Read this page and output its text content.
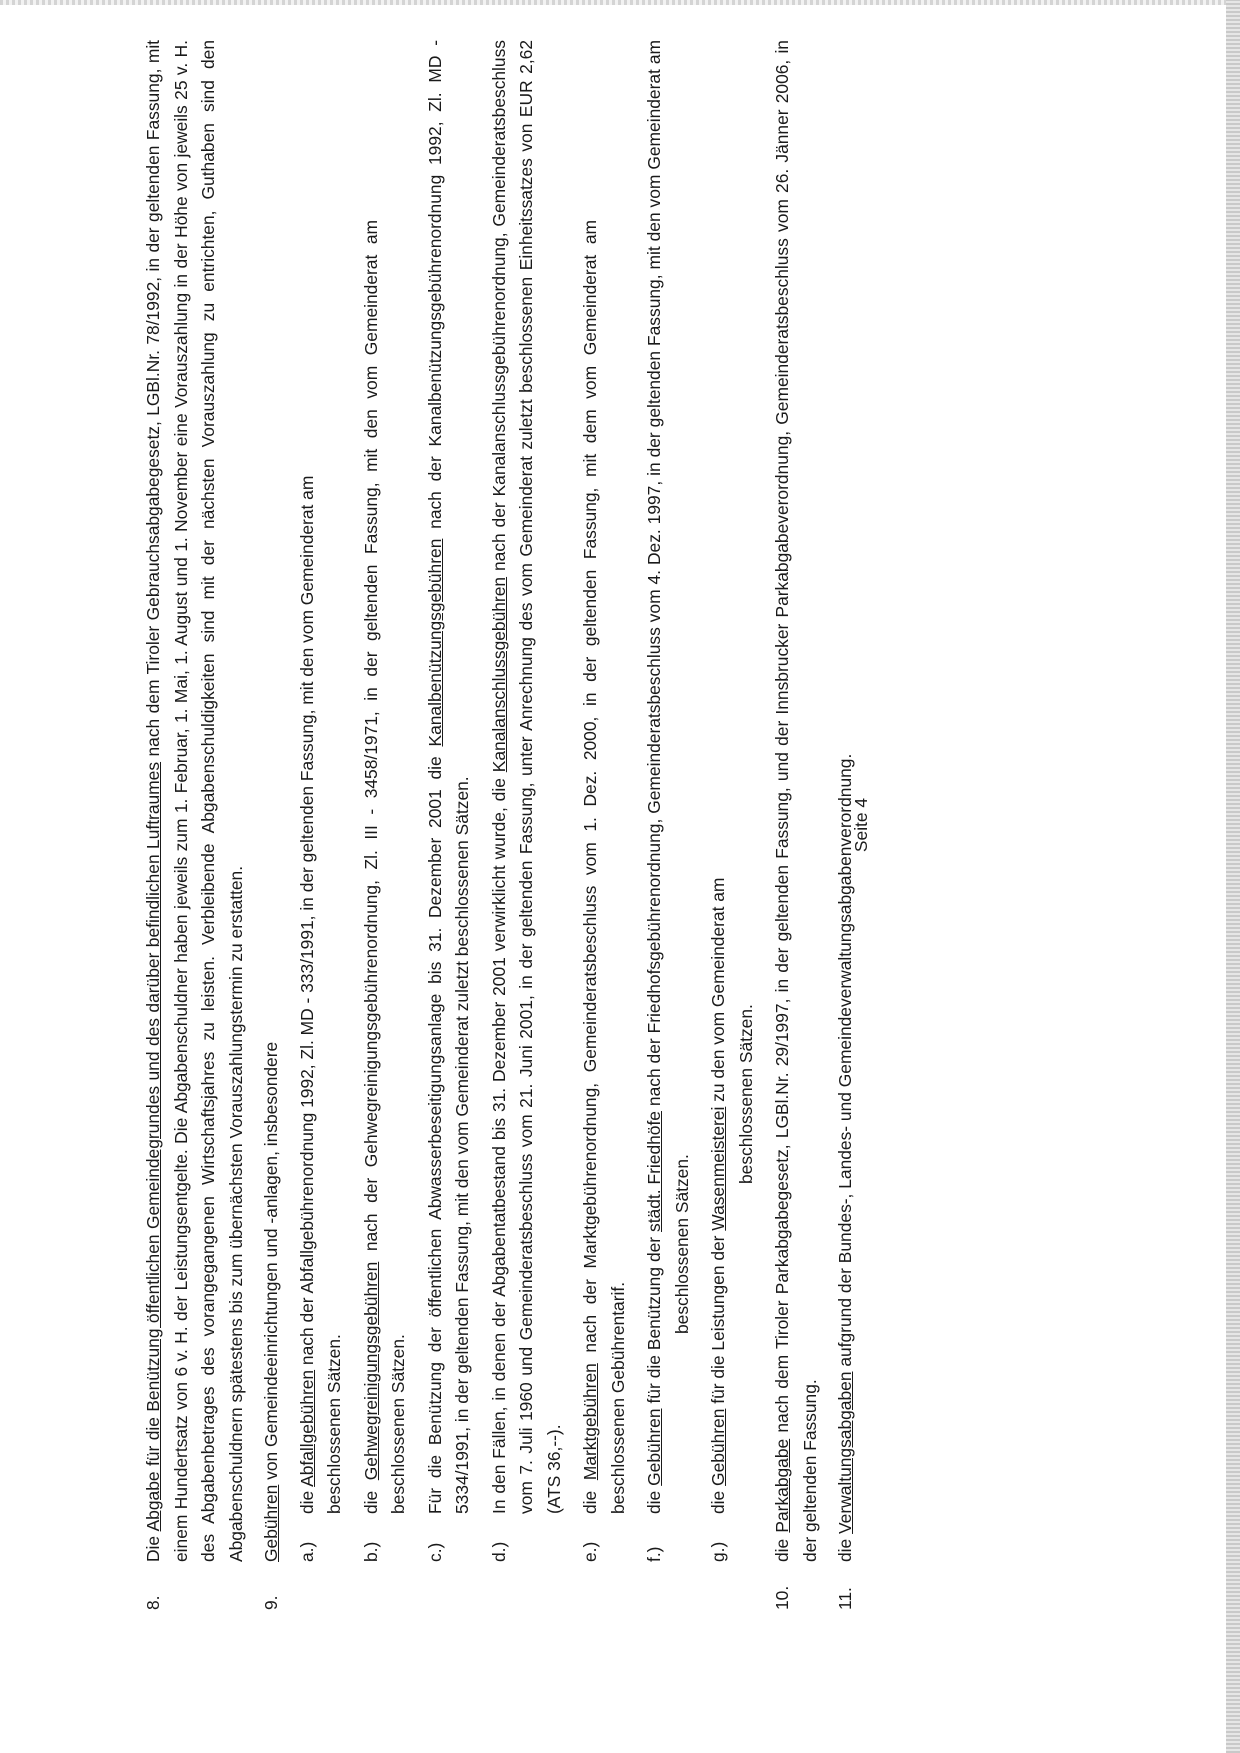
8.
Die Abgabe für die Benützung öffentlichen Gemeindegrundes und des darüber befindlichen Luftraumes nach dem Tiroler Gebrauchsabgabegesetz, LGBl.Nr. 78/1992, in der geltenden Fassung, mit einem Hundertsatz von 6 v. H. der Leistungsentgelte. Die Abgabenschuldner haben jeweils zum 1. Februar, 1. Mai, 1. August und 1. November eine Vorauszahlung in der Höhe von jeweils 25 v. H. des Abgabenbetrages des vorangegangenen Wirtschaftsjahres zu leisten. Verbleibende Abgabenschuldigkeiten sind mit der nächsten Vorauszahlung zu entrichten, Guthaben sind den Abgabenschuldnern spätestens bis zum übernächsten Vorauszahlungstermin zu erstatten.
9.
Gebühren von Gemeindeeinrichtungen und -anlagen, insbesondere
a.)
die Abfallgebühren nach der Abfallgebührenordnung 1992, Zl. MD - 333/1991, in der geltenden Fassung, mit den vom Gemeinderat am
beschlossenen Sätzen.
b.)
die Gehwegreinigungsgebühren nach der Gehwegreinigungsgebührenordnung, Zl. III - 3458/1971, in der geltenden Fassung, mit den vom Gemeinderat ambeschlossenen Sätzen.
c.)
Für die Benützung der öffentlichen Abwasserbeseitigungsanlage bis 31. Dezember 2001 die Kanalbenützungsgebühren nach der Kanalbenützungsgebührenordnung 1992, Zl. MD - 5334/1991, in der geltenden Fassung, mit den vom Gemeinderat zuletzt beschlossenen Sätzen.
d.)
In den Fällen, in denen der Abgabentatbestand bis 31. Dezember 2001 verwirklicht wurde, die Kanalanschlussgebühren nach der Kanalanschlussgebührenordnung, Gemeinderatsbeschluss vom 7. Juli 1960 und Gemeinderatsbeschluss vom 21. Juni 2001, in der geltenden Fassung, unter Anrechnung des vom Gemeinderat zuletzt beschlossenen Einheitssatzes von EUR 2,62 (ATS 36,--).
e.)
die Marktgebühren nach der Marktgebührenordnung, Gemeinderatsbeschluss vom 1. Dez. 2000, in der geltenden Fassung, mit dem vom Gemeinderat ambeschlossenen Gebührentarif.
f.)
die Gebühren für die Benützung der städt. Friedhöfe nach der Friedhofsgebührenordnung, Gemeinderatsbeschluss vom 4. Dez. 1997, in der geltenden Fassung, mit den vom Gemeinderat ambeschlossenen Sätzen.
g.)
die Gebühren für die Leistungen der Wasenmeisterei zu den vom Gemeinderat am beschlossenen Sätzen.
10.
die Parkabgabe nach dem Tiroler Parkabgabegesetz, LGBl.Nr. 29/1997, in der geltenden Fassung, und der Innsbrucker Parkabgabeverordnung, Gemeinderatsbeschluss vom 26. Jänner 2006, in der geltenden Fassung.
11.
die Verwaltungsabgaben aufgrund der Bundes-, Landes- und Gemeindeverwaltungsabgabenverordnung.
Seite 4
